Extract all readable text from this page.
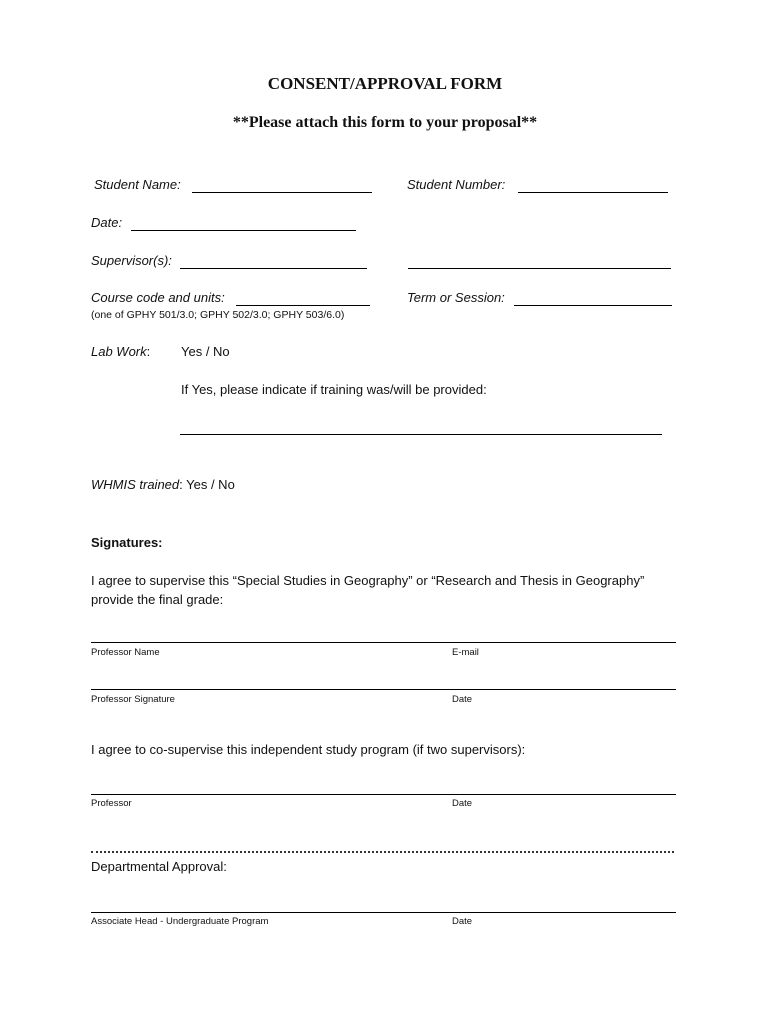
CONSENT/APPROVAL FORM
**Please attach this form to your proposal**
Student Name:	Student Number:
Date:
Supervisor(s):
Course code and units:	Term or Session:
(one of GPHY 501/3.0; GPHY 502/3.0; GPHY 503/6.0)
Lab Work: Yes / No
If Yes, please indicate if training was/will be provided:
WHMIS trained: Yes / No
Signatures:
I agree to supervise this “Special Studies in Geography” or “Research and Thesis in Geography” provide the final grade:
Professor Name	E-mail
Professor Signature	Date
I agree to co-supervise this independent study program (if two supervisors):
Professor	Date
Departmental Approval:
Associate Head - Undergraduate Program	Date
